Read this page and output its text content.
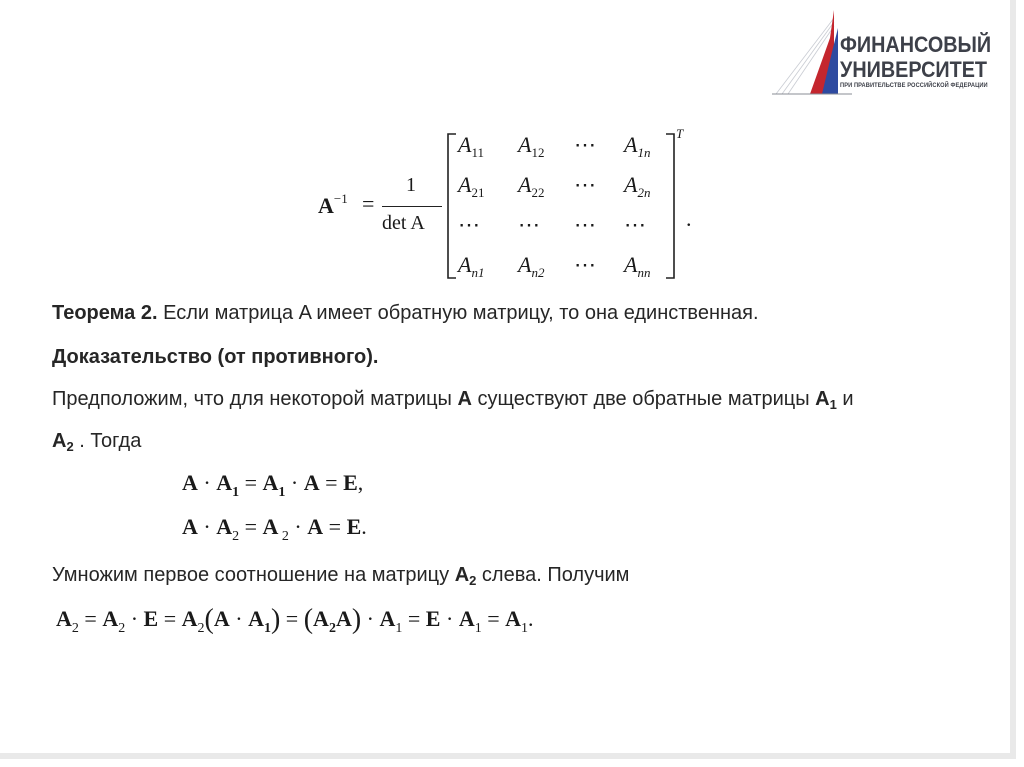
ФИНАНСОВЫЙ
УНИВЕРСИТЕТ
ПРИ ПРАВИТЕЛЬСТВЕ РОССИЙСКОЙ ФЕДЕРАЦИИ
$A^{-1}$ =
1
det A
T
.
$A_{11}$ $A_{12}$ ⋯ $A_{1n}$
$A_{21}$ $A_{22}$ ⋯ $A_{2n}$
⋯ ⋯ ⋯ ⋯
$A_{n1}$ $A_{n2}$ ⋯ $A_{nn}$
Теорема 2. Если матрица A имеет обратную матрицу, то она единственная.
Доказательство (от противного).
Предположим, что для некоторой матрицы A существуют две обратные матрицы $A_1$ и
$A_2$ . Тогда
$A \cdot A_1 = A_1 \cdot A = E$,
$A \cdot A_2 = A$ $_2$ · A = E.
Умножим первое соотношение на матрицу $A_2$ слева. Получим
$A_2 = A_2 \cdot E = A_2(A \cdot A_1) = (A_2A) \cdot A_1 = E \cdot A_1 = A_1$.
